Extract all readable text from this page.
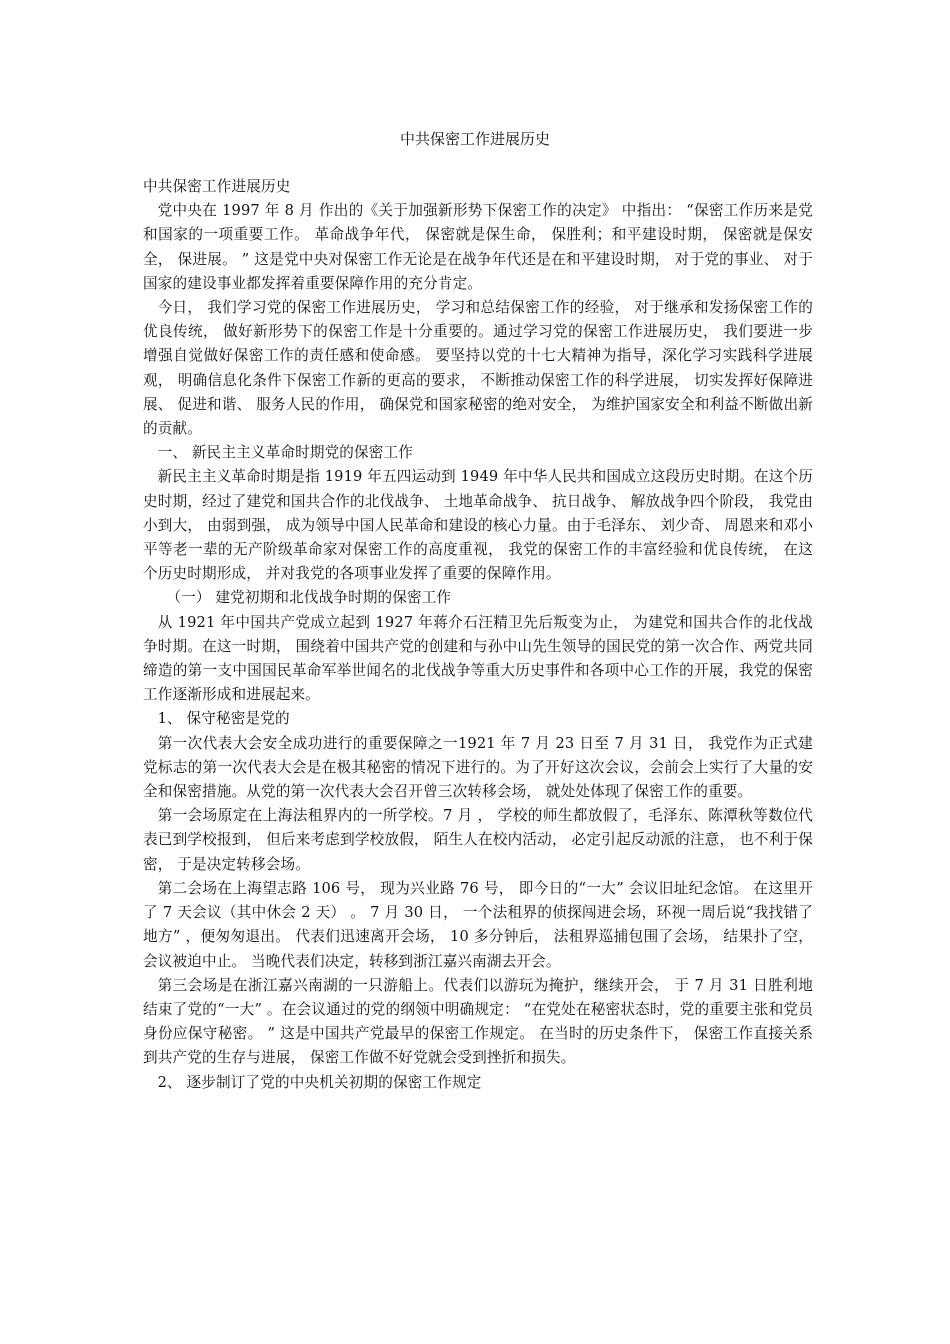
中共保密工作进展历史

中共保密工作进展历史

党中央在 1997 年 8 月 作出的《关于加强新形势下保密工作的决定》 中指出： “保密工作历来是党和国家的一项重要工作。 革命战争年代， 保密就是保生命， 保胜利；和平建设时期， 保密就是保安全， 保进展。 ” 这是党中央对保密工作无论是在战争年代还是在和平建设时期， 对于党的事业、 对于国家的建设事业都发挥着重要保障作用的充分肯定。

今日， 我们学习党的保密工作进展历史， 学习和总结保密工作的经验， 对于继承和发扬保密工作的优良传统， 做好新形势下的保密工作是十分重要的。通过学习党的保密工作进展历史， 我们要进一步增强自觉做好保密工作的责任感和使命感。 要坚持以党的十七大精神为指导，深化学习实践科学进展观， 明确信息化条件下保密工作新的更高的要求， 不断推动保密工作的科学进展， 切实发挥好保障进展、 促进和谐、 服务人民的作用， 确保党和国家秘密的绝对安全， 为维护国家安全和利益不断做出新的贡献。

一、 新民主主义革命时期党的保密工作

新民主主义革命时期是指 1919 年五四运动到 1949 年中华人民共和国成立这段历史时期。在这个历史时期，经过了建党和国共合作的北伐战争、 土地革命战争、 抗日战争、 解放战争四个阶段， 我党由小到大， 由弱到强， 成为领导中国人民革命和建设的核心力量。由于毛泽东、 刘少奇、 周恩来和邓小平等老一辈的无产阶级革命家对保密工作的高度重视， 我党的保密工作的丰富经验和优良传统， 在这个历史时期形成， 并对我党的各项事业发挥了重要的保障作用。

（一） 建党初期和北伐战争时期的保密工作

从 1921 年中国共产党成立起到 1927 年蒋介石汪精卫先后叛变为止， 为建党和国共合作的北伐战争时期。在这一时期， 围绕着中国共产党的创建和与孙中山先生领导的国民党的第一次合作、两党共同缔造的第一支中国国民革命军举世闻名的北伐战争等重大历史事件和各项中心工作的开展，我党的保密工作逐渐形成和进展起来。

1、 保守秘密是党的

第一次代表大会安全成功进行的重要保障之一1921 年 7 月 23 日至 7 月 31 日， 我党作为正式建党标志的第一次代表大会是在极其秘密的情况下进行的。为了开好这次会议，会前会上实行了大量的安全和保密措施。从党的第一次代表大会召开曾三次转移会场， 就处处体现了保密工作的重要。

第一会场原定在上海法租界内的一所学校。7 月 ， 学校的师生都放假了，毛泽东、陈潭秋等数位代表已到学校报到， 但后来考虑到学校放假， 陌生人在校内活动， 必定引起反动派的注意， 也不利于保密， 于是决定转移会场。

第二会场在上海望志路 106 号， 现为兴业路 76 号， 即今日的“一大” 会议旧址纪念馆。 在这里开了 7 天会议（其中休会 2 天） 。 7 月 30 日， 一个法租界的侦探闯进会场，环视一周后说“我找错了地方” ，便匆匆退出。 代表们迅速离开会场， 10 多分钟后， 法租界巡捕包围了会场， 结果扑了空，会议被迫中止。 当晚代表们决定，转移到浙江嘉兴南湖去开会。

第三会场是在浙江嘉兴南湖的一只游船上。代表们以游玩为掩护，继续开会， 于 7 月 31 日胜利地结束了党的“一大” 。在会议通过的党的纲领中明确规定： “在党处在秘密状态时，党的重要主张和党员身份应保守秘密。 ” 这是中国共产党最早的保密工作规定。 在当时的历史条件下， 保密工作直接关系到共产党的生存与进展， 保密工作做不好党就会受到挫折和损失。

2、 逐步制订了党的中央机关初期的保密工作规定
